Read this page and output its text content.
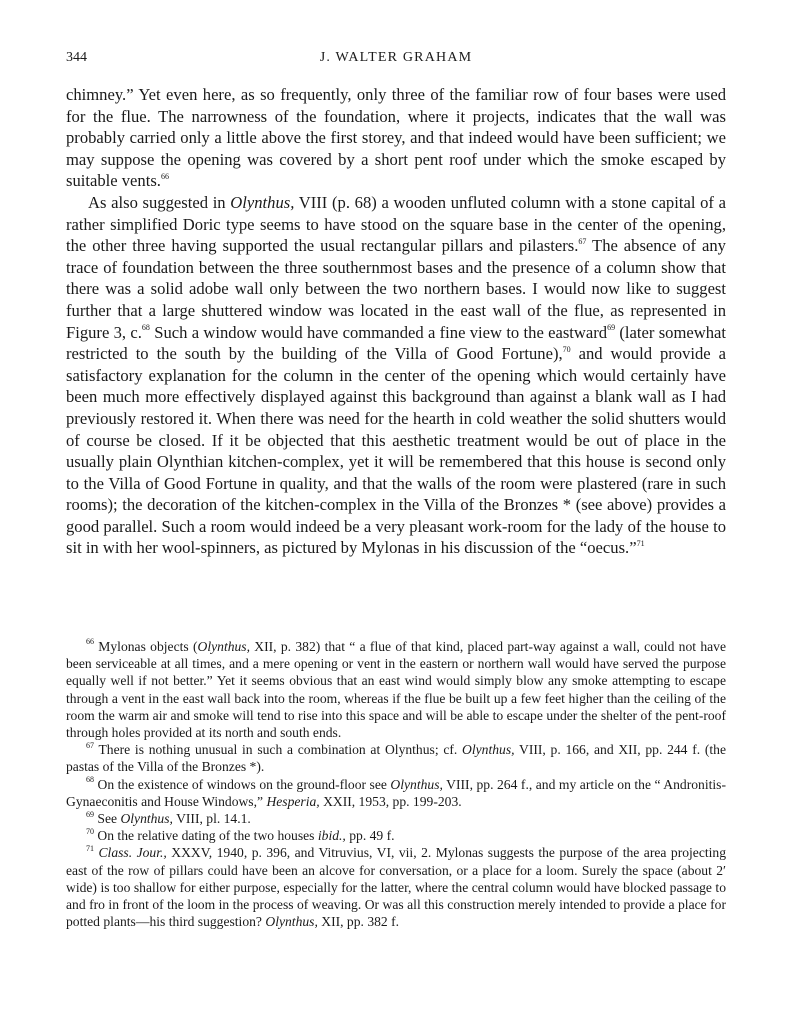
344	J. WALTER GRAHAM

chimney.” Yet even here, as so frequently, only three of the familiar row of four bases were used for the flue. The narrowness of the foundation, where it projects, indicates that the wall was probably carried only a little above the first storey, and that indeed would have been sufficient; we may suppose the opening was covered by a short pent roof under which the smoke escaped by suitable vents.$^{66}$

As also suggested in Olynthus, VIII (p. 68) a wooden unfluted column with a stone capital of a rather simplified Doric type seems to have stood on the square base in the center of the opening, the other three having supported the usual rectangular pillars and pilasters.$^{67}$ The absence of any trace of foundation between the three southernmost bases and the presence of a column show that there was a solid adobe wall only between the two northern bases. I would now like to suggest further that a large shuttered window was located in the east wall of the flue, as represented in Figure 3, c.$^{68}$ Such a window would have commanded a fine view to the eastward$^{69}$ (later somewhat restricted to the south by the building of the Villa of Good Fortune),$^{70}$ and would provide a satisfactory explanation for the column in the center of the opening which would certainly have been much more effectively displayed against this background than against a blank wall as I had previously restored it. When there was need for the hearth in cold weather the solid shutters would of course be closed. If it be objected that this aesthetic treatment would be out of place in the usually plain Olynthian kitchen-complex, yet it will be remembered that this house is second only to the Villa of Good Fortune in quality, and that the walls of the room were plastered (rare in such rooms); the decoration of the kitchen-complex in the Villa of the Bronzes * (see above) provides a good parallel. Such a room would indeed be a very pleasant work-room for the lady of the house to sit in with her wool-spinners, as pictured by Mylonas in his discussion of the “oecus.”$^{71}$

$^{66}$ Mylonas objects (Olynthus, XII, p. 382) that “ a flue of that kind, placed part-way against a wall, could not have been serviceable at all times, and a mere opening or vent in the eastern or northern wall would have served the purpose equally well if not better.” Yet it seems obvious that an east wind would simply blow any smoke attempting to escape through a vent in the east wall back into the room, whereas if the flue be built up a few feet higher than the ceiling of the room the warm air and smoke will tend to rise into this space and will be able to escape under the shelter of the pent-roof through holes provided at its north and south ends.

$^{67}$ There is nothing unusual in such a combination at Olynthus; cf. Olynthus, VIII, p. 166, and XII, pp. 244 f. (the pastas of the Villa of the Bronzes *).

$^{68}$ On the existence of windows on the ground-floor see Olynthus, VIII, pp. 264 f., and my article on the “ Andronitis-Gynaeconitis and House Windows,” Hesperia, XXII, 1953, pp. 199-203.

$^{69}$ See Olynthus, VIII, pl. 14.1.

$^{70}$ On the relative dating of the two houses ibid., pp. 49 f.

$^{71}$ Class. Jour., XXXV, 1940, p. 396, and Vitruvius, VI, vii, 2. Mylonas suggests the purpose of the area projecting east of the row of pillars could have been an alcove for conversation, or a place for a loom. Surely the space (about 2′ wide) is too shallow for either purpose, especially for the latter, where the central column would have blocked passage to and fro in front of the loom in the process of weaving. Or was all this construction merely intended to provide a place for potted plants—his third suggestion? Olynthus, XII, pp. 382 f.
